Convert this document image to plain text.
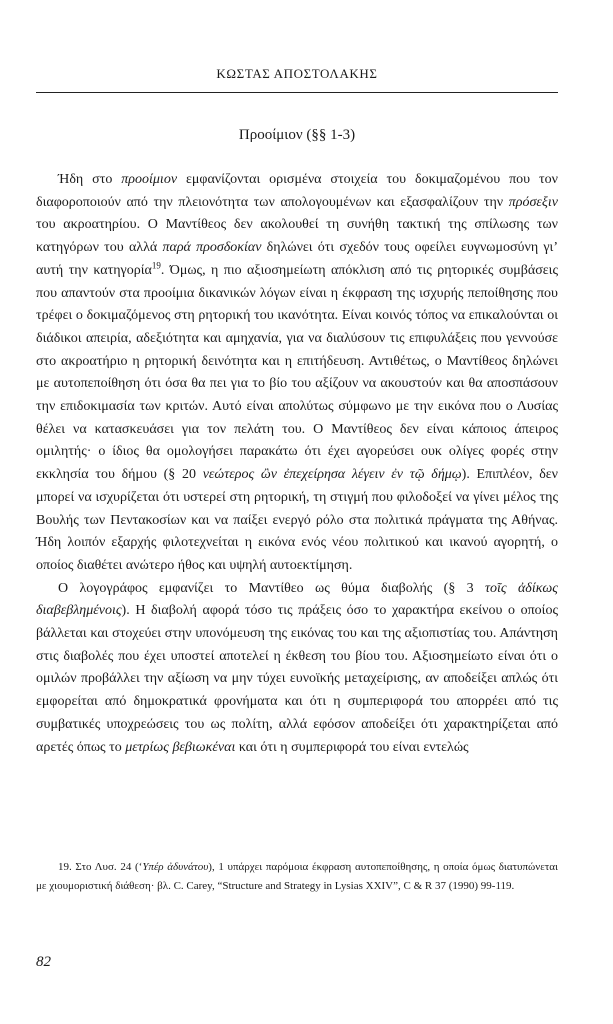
ΚΩΣΤΑΣ ΑΠΟΣΤΟΛΑΚΗΣ
Προοίμιον (§§ 1-3)

Ήδη στο προοίμιον εμφανίζονται ορισμένα στοιχεία του δοκιμαζομένου που τον διαφοροποιούν από την πλειονότητα των απολογουμένων και εξασφαλίζουν την πρόσεξιν του ακροατηρίου. Ο Μαντίθεος δεν ακολουθεί τη συνήθη τακτική της σπίλωσης των κατηγόρων του αλλά παρά προσδοκίαν δηλώνει ότι σχεδόν τους οφείλει ευγνωμοσύνη γι’ αυτή την κατηγορία$^{19}$. Όμως, η πιο αξιοσημείωτη απόκλιση από τις ρητορικές συμβάσεις που απαντούν στα προοίμια δικανικών λόγων είναι η έκφραση της ισχυρής πεποίθησης που τρέφει ο δοκιμαζόμενος στη ρητορική του ικανότητα. Είναι κοινός τόπος να επικαλούνται οι διάδικοι απειρία, αδεξιότητα και αμηχανία, για να διαλύσουν τις επιφυλάξεις που γεννούσε στο ακροατήριο η ρητορική δεινότητα και η επιτήδευση. Αντιθέτως, ο Μαντίθεος δηλώνει με αυτοπεποίθηση ότι όσα θα πει για το βίο του αξίζουν να ακουστούν και θα αποσπάσουν την επιδοκιμασία των κριτών. Αυτό είναι απολύτως σύμφωνο με την εικόνα που ο Λυσίας θέλει να κατασκευάσει για τον πελάτη του. Ο Μαντίθεος δεν είναι κάποιος άπειρος ομιλητής· ο ίδιος θα ομολογήσει παρακάτω ότι έχει αγορεύσει ουκ ολίγες φορές στην εκκλησία του δήμου (§ 20 νεώτερος ὢν ἐπεχείρησα λέγειν ἐν τῷ δήμῳ). Επιπλέον, δεν μπορεί να ισχυρίζεται ότι υστερεί στη ρητορική, τη στιγμή που φιλοδοξεί να γίνει μέλος της Βουλής των Πεντακοσίων και να παίξει ενεργό ρόλο στα πολιτικά πράγματα της Αθήνας. Ήδη λοιπόν εξαρχής φιλοτεχνείται η εικόνα ενός νέου πολιτικού και ικανού αγορητή, ο οποίος διαθέτει ανώτερο ήθος και υψηλή αυτοεκτίμηση.

Ο λογογράφος εμφανίζει το Μαντίθεο ως θύμα διαβολής (§ 3 τοῖς ἀδίκως διαβεβλημένοις). Η διαβολή αφορά τόσο τις πράξεις όσο το χαρακτήρα εκείνου ο οποίος βάλλεται και στοχεύει στην υπονόμευση της εικόνας του και της αξιοπιστίας του. Απάντηση στις διαβολές που έχει υποστεί αποτελεί η έκθεση του βίου του. Αξιοσημείωτο είναι ότι ο ομιλών προβάλλει την αξίωση να μην τύχει ευνοϊκής μεταχείρισης, αν αποδείξει απλώς ότι εμφορείται από δημοκρατικά φρονήματα και ότι η συμπεριφορά του απορρέει από τις συμβατικές υποχρεώσεις του ως πολίτη, αλλά εφόσον αποδείξει ότι χαρακτηρίζεται από αρετές όπως το μετρίως βεβιωκέναι και ότι η συμπεριφορά του είναι εντελώς

19. Στο Λυσ. 24 (‘Υπέρ ἀδυνάτου), 1 υπάρχει παρόμοια έκφραση αυτοπεποίθησης, η οποία όμως διατυπώνεται με χιουμοριστική διάθεση· βλ. C. Carey, “Structure and Strategy in Lysias XXIV”, C & R 37 (1990) 99-119.

82
